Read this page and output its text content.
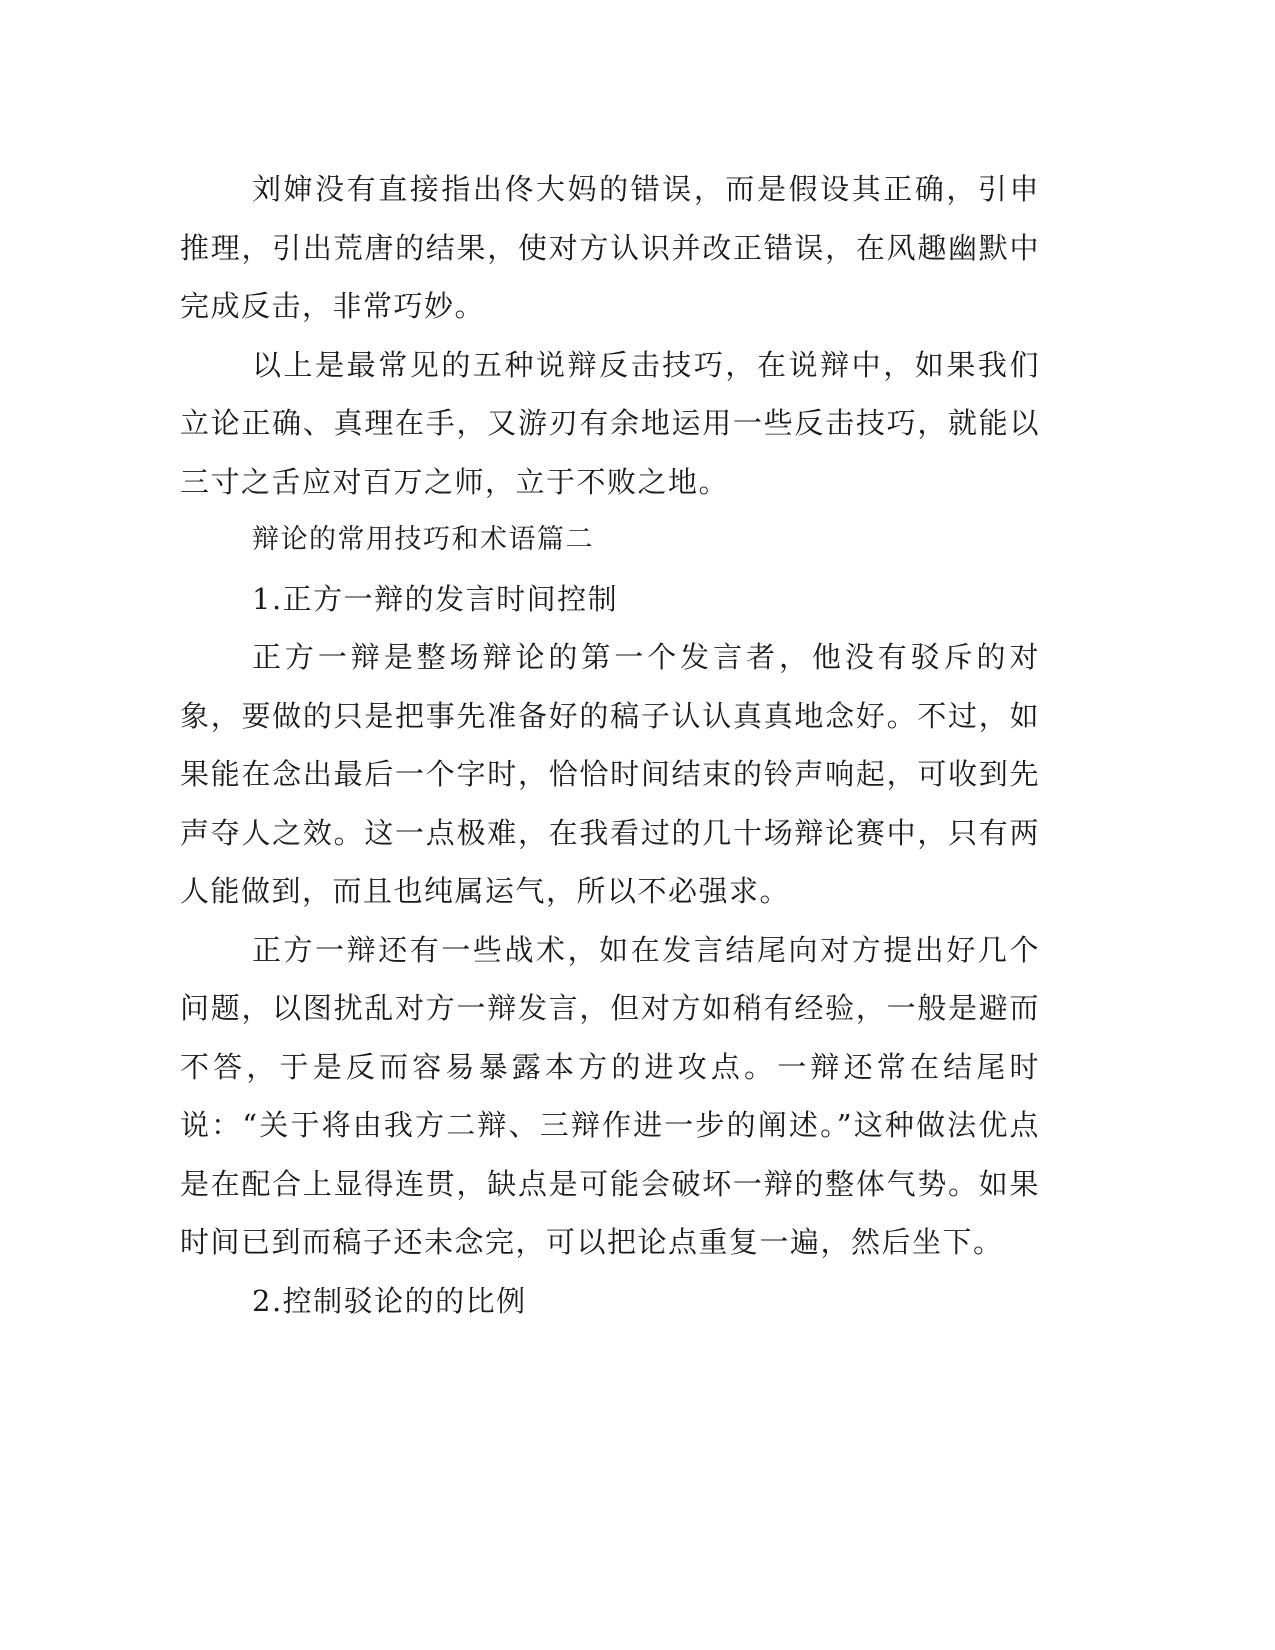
刘婶没有直接指出佟大妈的错误，而是假设其正确，引申推理，引出荒唐的结果，使对方认识并改正错误，在风趣幽默中完成反击，非常巧妙。

以上是最常见的五种说辩反击技巧，在说辩中，如果我们立论正确、真理在手，又游刃有余地运用一些反击技巧，就能以三寸之舌应对百万之师，立于不败之地。

辩论的常用技巧和术语篇二

1.正方一辩的发言时间控制

正方一辩是整场辩论的第一个发言者，他没有驳斥的对象，要做的只是把事先准备好的稿子认认真真地念好。不过，如果能在念出最后一个字时，恰恰时间结束的铃声响起，可收到先声夺人之效。这一点极难，在我看过的几十场辩论赛中，只有两人能做到，而且也纯属运气，所以不必强求。

正方一辩还有一些战术，如在发言结尾向对方提出好几个问题，以图扰乱对方一辩发言，但对方如稍有经验，一般是避而不答，于是反而容易暴露本方的进攻点。一辩还常在结尾时说：“关于将由我方二辩、三辩作进一步的阐述。”这种做法优点是在配合上显得连贯，缺点是可能会破坏一辩的整体气势。如果时间已到而稿子还未念完，可以把论点重复一遍，然后坐下。

2.控制驳论的的比例
